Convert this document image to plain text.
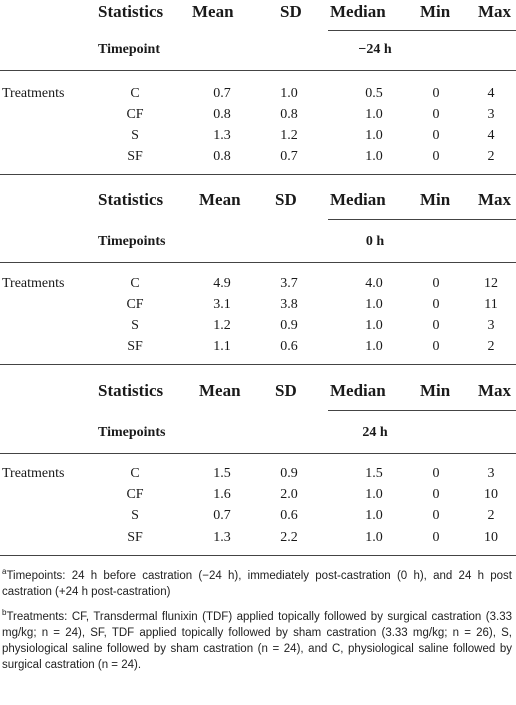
Statistics Mean	SD Median Min Max
Timepoint	−24 h
Treatments	C	0.7	1.0	0.5	0	4
CF	0.8	0.8	1.0	0	3
S	1.3	1.2	1.0	0	4
SF	0.8	0.7	1.0	0	2
Statistics Mean SD Median Min Max
Timepoints	0 h
Treatments	C	4.9	3.7	4.0	0	12
CF	3.1	3.8	1.0	0	11
S	1.2	0.9	1.0	0	3
SF	1.1	0.6	1.0	0	2
Statistics Mean SD Median Min Max
Timepoints	24 h
Treatments	C	1.5	0.9	1.5	0	3
CF	1.6	2.0	1.0	0	10
S	0.7	0.6	1.0	0	2
SF	1.3	2.2	1.0	0	10
$^a$Timepoints: 24 h before castration (−24 h), immediately post-castration (0 h), and 24 h post castration (+24 h post-castration)
$^b$Treatments: CF, Transdermal flunixin (TDF) applied topically followed by surgical castration (3.33 mg/kg; n = 24), SF, TDF applied topically followed by sham castration (3.33 mg/kg; n = 26), S, physiological saline followed by sham castration (n = 24), and C, physiological saline followed by surgical castration (n = 24).
